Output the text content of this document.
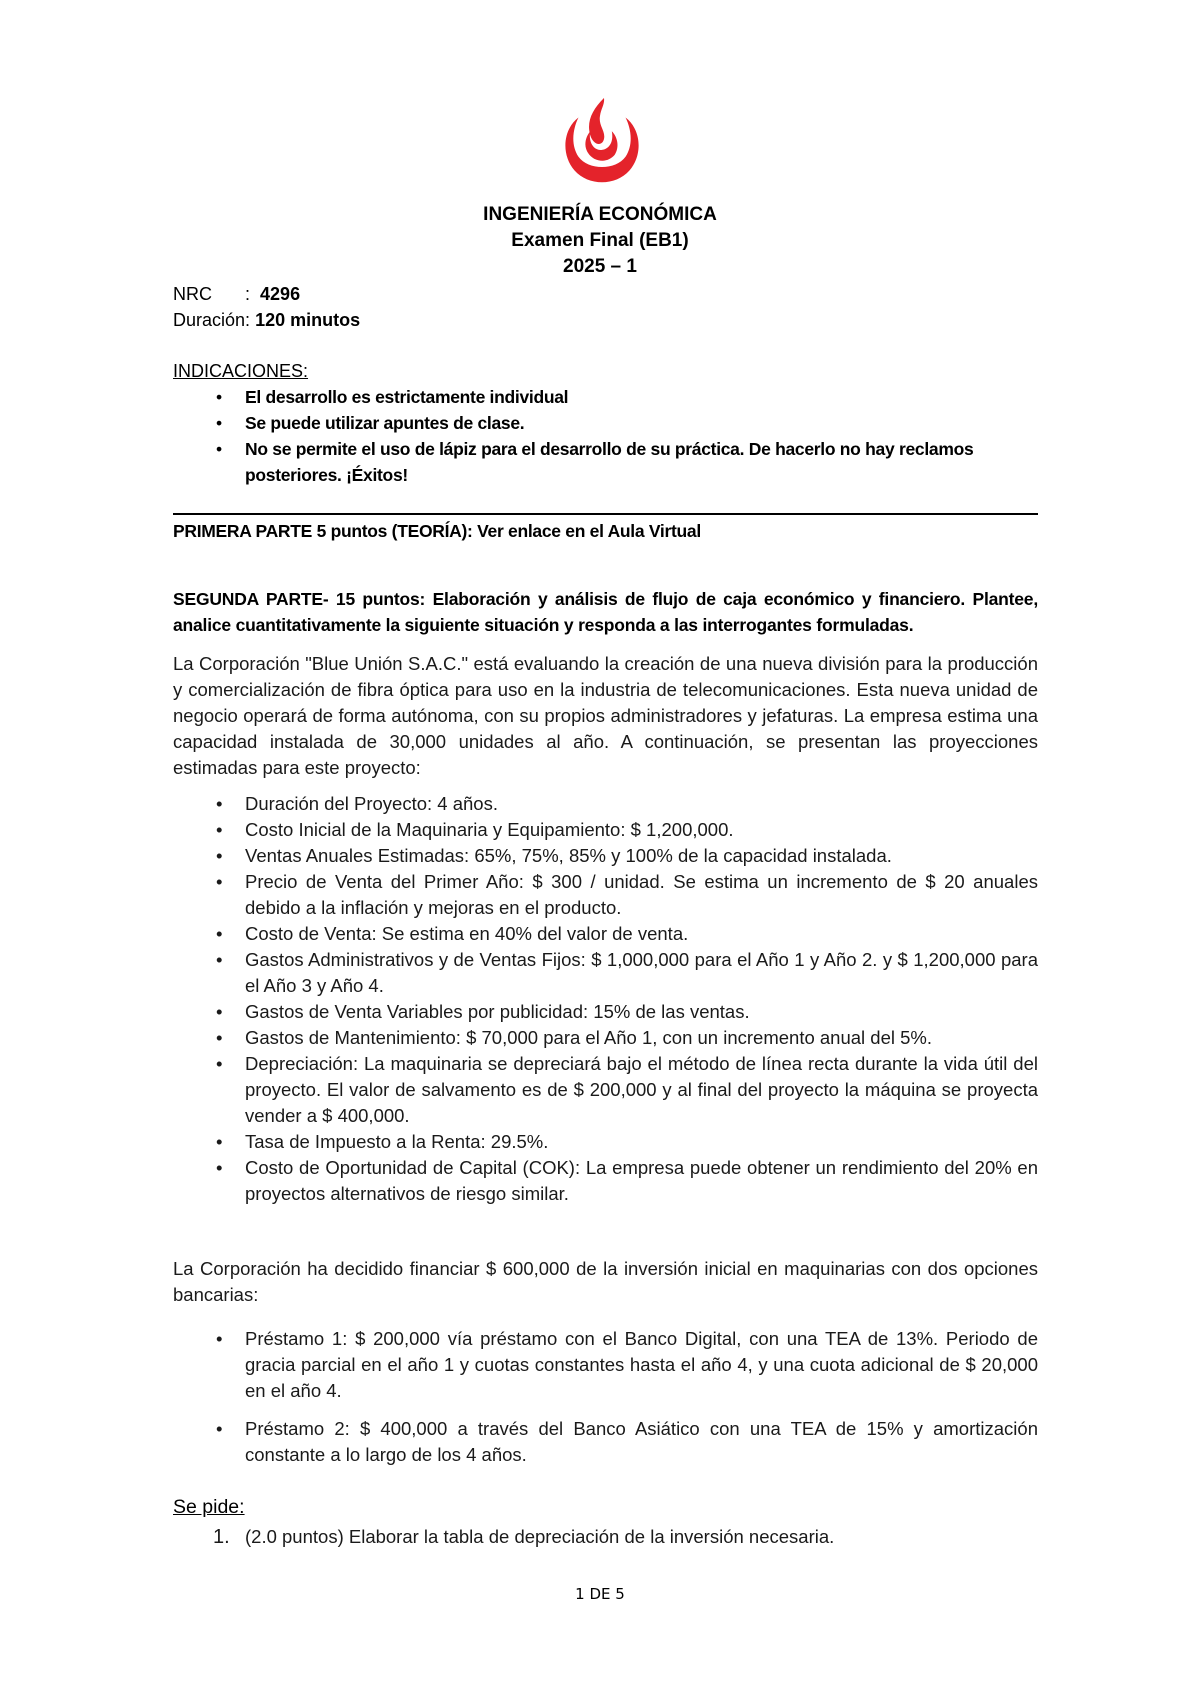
INGENIERÍA ECONÓMICA
Examen Final (EB1)
2025 – 1
NRC : 4296
Duración: 120 minutos
INDICACIONES:
• El desarrollo es estrictamente individual
• Se puede utilizar apuntes de clase.
• No se permite el uso de lápiz para el desarrollo de su práctica. De hacerlo no hay reclamos posteriores. ¡Éxitos!
PRIMERA PARTE 5 puntos (TEORÍA): Ver enlace en el Aula Virtual
SEGUNDA PARTE- 15 puntos: Elaboración y análisis de flujo de caja económico y financiero. Plantee, analice cuantitativamente la siguiente situación y responda a las interrogantes formuladas.
La Corporación "Blue Unión S.A.C." está evaluando la creación de una nueva división para la producción y comercialización de fibra óptica para uso en la industria de telecomunicaciones. Esta nueva unidad de negocio operará de forma autónoma, con su propios administradores y jefaturas. La empresa estima una capacidad instalada de 30,000 unidades al año. A continuación, se presentan las proyecciones estimadas para este proyecto:
• Duración del Proyecto: 4 años.
• Costo Inicial de la Maquinaria y Equipamiento: $ 1,200,000.
• Ventas Anuales Estimadas: 65%, 75%, 85% y 100% de la capacidad instalada.
• Precio de Venta del Primer Año: $ 300 / unidad. Se estima un incremento de $ 20 anuales debido a la inflación y mejoras en el producto.
• Costo de Venta: Se estima en 40% del valor de venta.
• Gastos Administrativos y de Ventas Fijos: $ 1,000,000 para el Año 1 y Año 2. y $ 1,200,000 para el Año 3 y Año 4.
• Gastos de Venta Variables por publicidad: 15% de las ventas.
• Gastos de Mantenimiento: $ 70,000 para el Año 1, con un incremento anual del 5%.
• Depreciación: La maquinaria se depreciará bajo el método de línea recta durante la vida útil del proyecto. El valor de salvamento es de $ 200,000 y al final del proyecto la máquina se proyecta vender a $ 400,000.
• Tasa de Impuesto a la Renta: 29.5%.
• Costo de Oportunidad de Capital (COK): La empresa puede obtener un rendimiento del 20% en proyectos alternativos de riesgo similar.
La Corporación ha decidido financiar $ 600,000 de la inversión inicial en maquinarias con dos opciones bancarias:
• Préstamo 1: $ 200,000 vía préstamo con el Banco Digital, con una TEA de 13%. Periodo de gracia parcial en el año 1 y cuotas constantes hasta el año 4, y una cuota adicional de $ 20,000 en el año 4.
• Préstamo 2: $ 400,000 a través del Banco Asiático con una TEA de 15% y amortización constante a lo largo de los 4 años.
Se pide:
1. (2.0 puntos) Elaborar la tabla de depreciación de la inversión necesaria.
1 DE 5
